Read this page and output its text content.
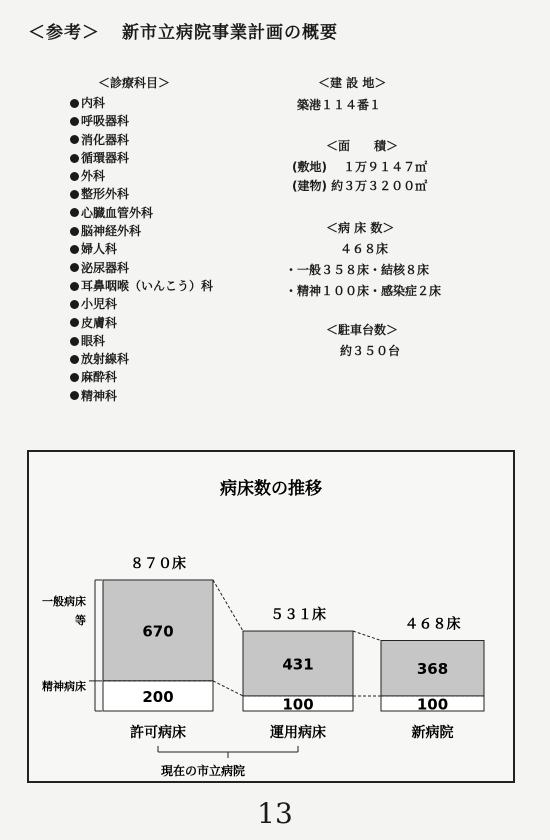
＜参考＞ 新市立病院事業計画の概要
＜診療科目＞
内科
呼吸器科
消化器科
循環器科
外科
整形外科
心臓血管外科
脳神経外科
婦人科
泌尿器科
耳鼻咽喉（いんこう）科
小児科
皮膚科
眼科
放射線科
麻酔科
精神科
＜建 設 地＞
築港１１４番１
＜面　　積＞
(敷地)　 １万９１４７㎡
(建物) 約３万３２００㎡
＜病 床 数＞
４６８床
・一般３５８床・結核８床
・精神１００床・感染症２床
＜駐車台数＞
約３５０台
病床数の推移
670
200
８７０床
許可病床
431
100
５３１床
運用病床
368
100
４６８床
新病院
一般病床
等
精神病床
現在の市立病院
13
